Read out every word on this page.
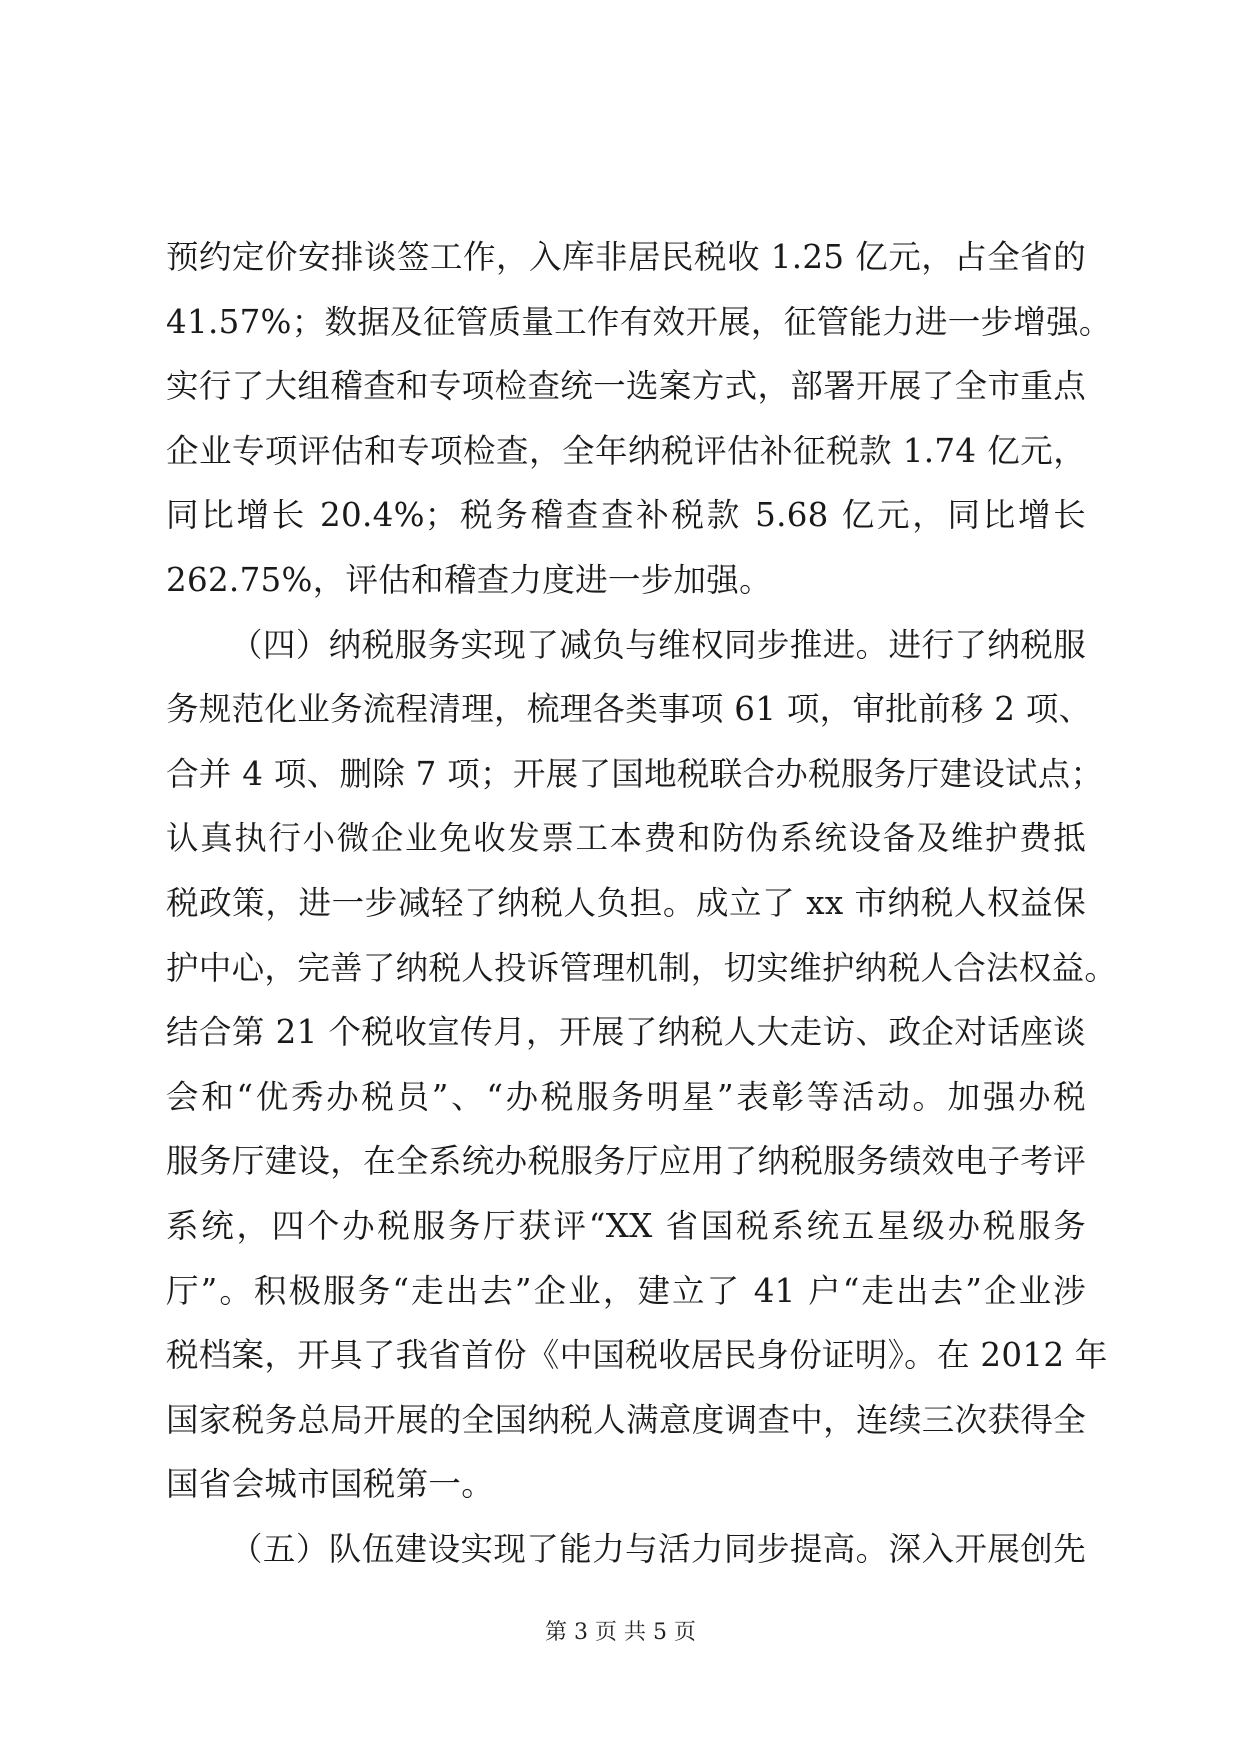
预约定价安排谈签工作，入库非居民税收 1.25 亿元，占全省的
41.57%；数据及征管质量工作有效开展，征管能力进一步增强。
实行了大组稽查和专项检查统一选案方式，部署开展了全市重点
企业专项评估和专项检查，全年纳税评估补征税款 1.74 亿元，
同比增长 20.4%；税务稽查查补税款 5.68 亿元，同比增长
262.75%，评估和稽查力度进一步加强。
（四）纳税服务实现了减负与维权同步推进。进行了纳税服
务规范化业务流程清理，梳理各类事项 61 项，审批前移 2 项、
合并 4 项、删除 7 项；开展了国地税联合办税服务厅建设试点；
认真执行小微企业免收发票工本费和防伪系统设备及维护费抵
税政策，进一步减轻了纳税人负担。成立了 xx 市纳税人权益保
护中心，完善了纳税人投诉管理机制，切实维护纳税人合法权益。
结合第 21 个税收宣传月，开展了纳税人大走访、政企对话座谈
会和“优秀办税员”、“办税服务明星”表彰等活动。加强办税
服务厅建设，在全系统办税服务厅应用了纳税服务绩效电子考评
系统，四个办税服务厅获评“XX 省国税系统五星级办税服务
厅”。积极服务“走出去”企业，建立了 41 户“走出去”企业涉
税档案，开具了我省首份《中国税收居民身份证明》。在 2012 年
国家税务总局开展的全国纳税人满意度调查中，连续三次获得全
国省会城市国税第一。
（五）队伍建设实现了能力与活力同步提高。深入开展创先
第 3 页 共 5 页
